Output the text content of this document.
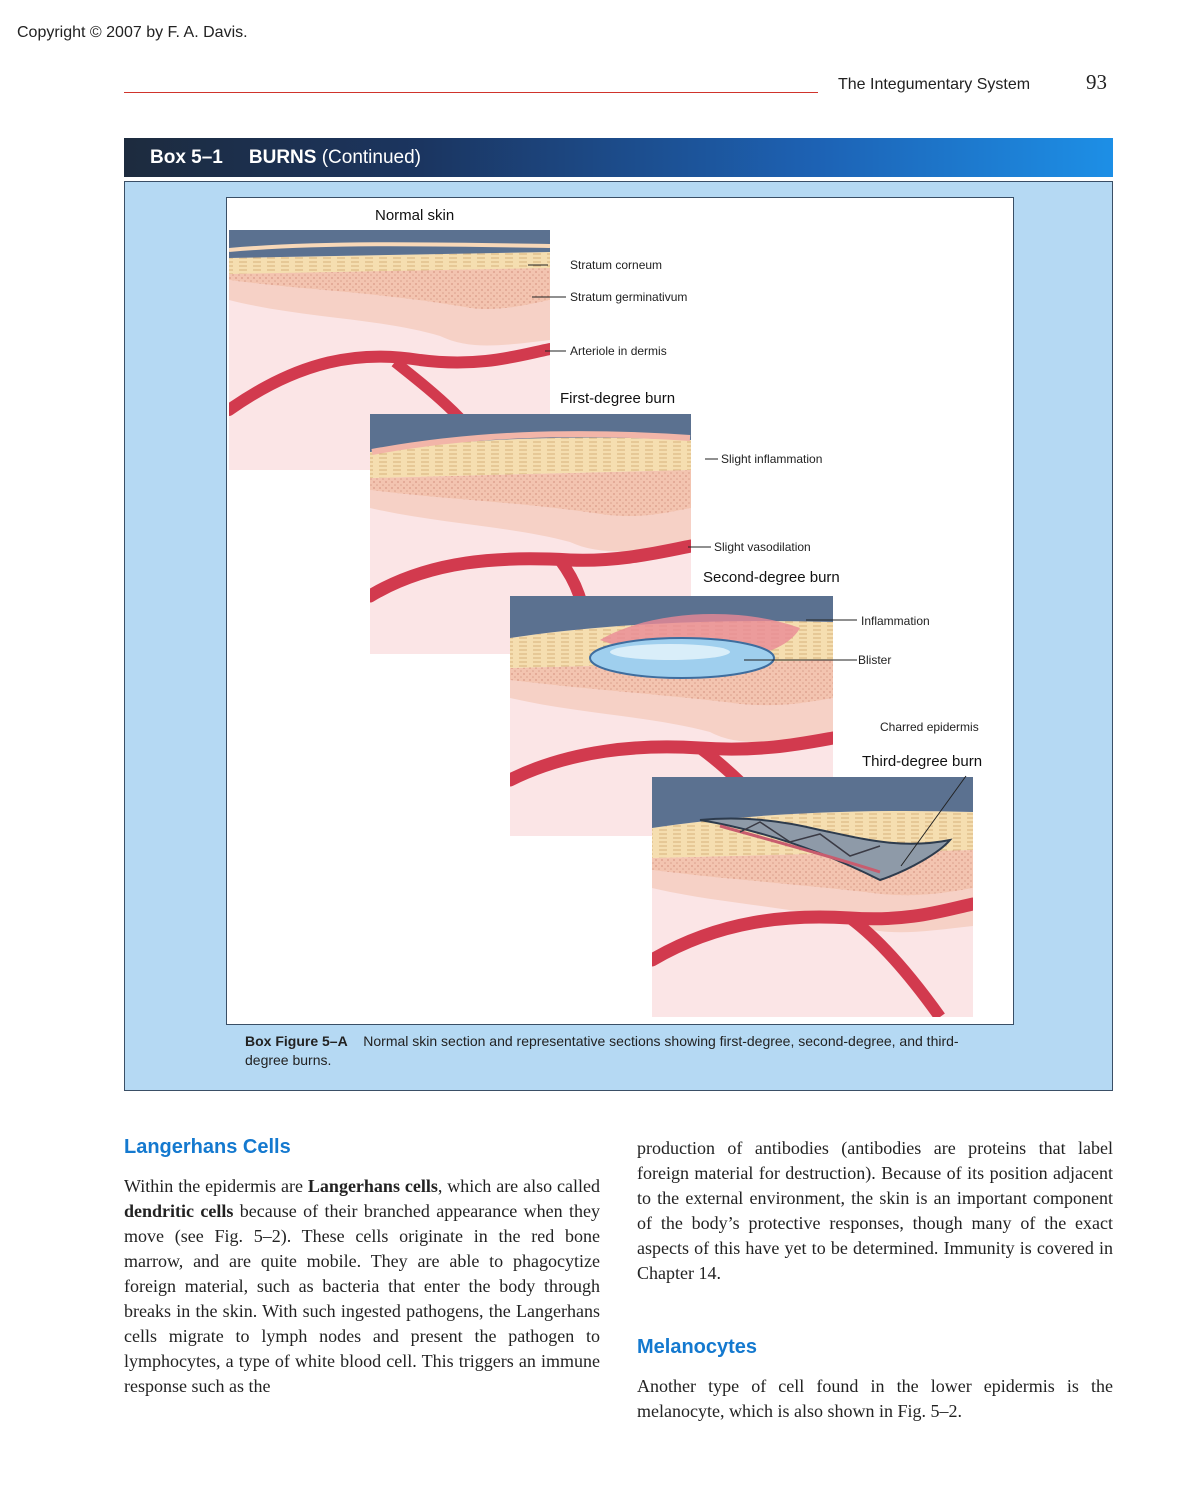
Copyright © 2007 by F. A. Davis.
The Integumentary System	93
Box 5–1 BURNS (Continued)
Normal skin
First-degree burn
Second-degree burn
Third-degree burn
Stratum corneum
Stratum germinativum
Arteriole in dermis
Slight inflammation
Slight vasodilation
Inflammation
Blister
Charred epidermis
Box Figure 5–A Normal skin section and representative sections showing first-degree, second-degree, and third-degree burns.
Langerhans Cells

Within the epidermis are Langerhans cells, which are also called dendritic cells because of their branched appearance when they move (see Fig. 5–2). These cells originate in the red bone marrow, and are quite mobile. They are able to phagocytize foreign material, such as bacteria that enter the body through breaks in the skin. With such ingested pathogens, the Langerhans cells migrate to lymph nodes and present the pathogen to lymphocytes, a type of white blood cell. This triggers an immune response such as the

production of antibodies (antibodies are proteins that label foreign material for destruction). Because of its position adjacent to the external environment, the skin is an important component of the body’s protective responses, though many of the exact aspects of this have yet to be determined. Immunity is covered in Chapter 14.

Melanocytes

Another type of cell found in the lower epidermis is the melanocyte, which is also shown in Fig. 5–2.
